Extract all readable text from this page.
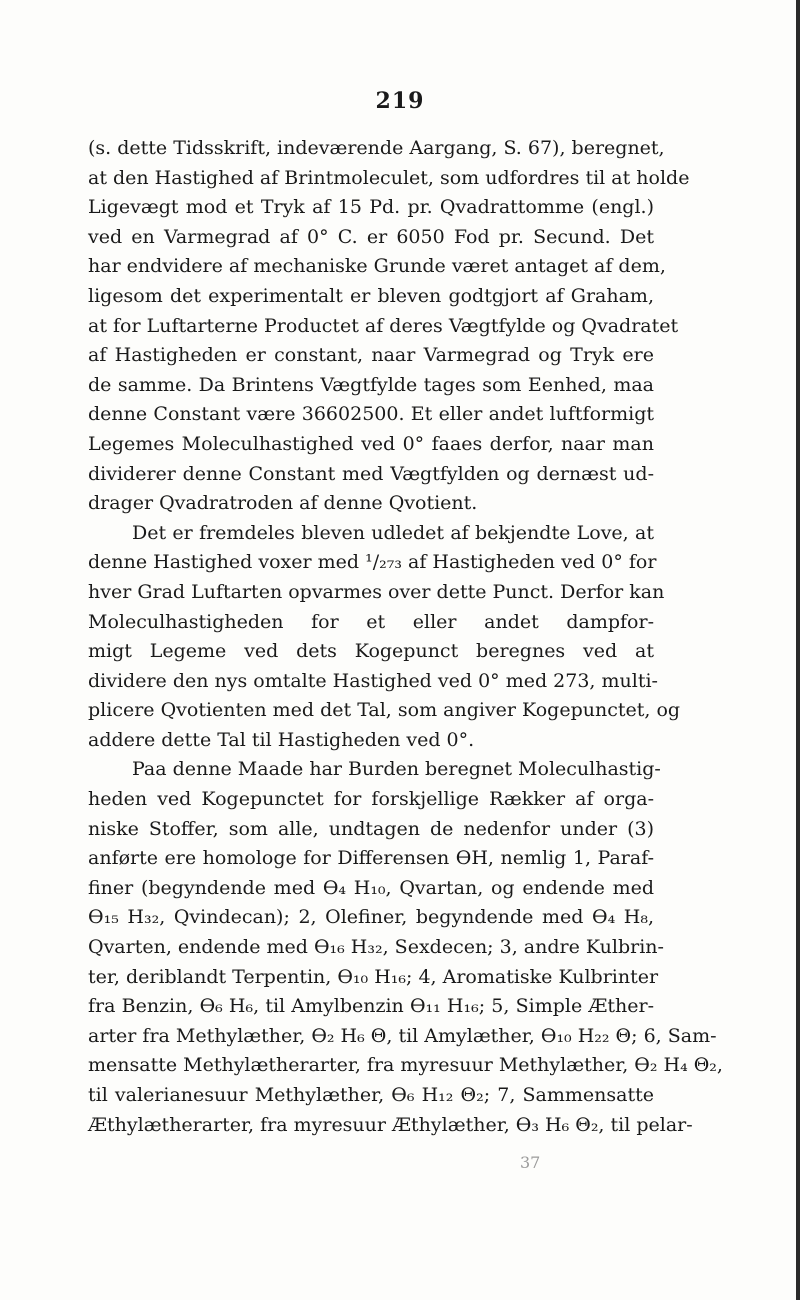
219
(s. dette Tidsskrift, indeværende Aargang, S. 67), beregnet,
at den Hastighed af Brintmoleculet, som udfordres til at holde
Ligevægt mod et Tryk af 15 Pd. pr. Qvadrattomme (engl.)
ved en Varmegrad af 0° C. er 6050 Fod pr. Secund. Det
har endvidere af mechaniske Grunde været antaget af dem,
ligesom det experimentalt er bleven godtgjort af Graham,
at for Luftarterne Productet af deres Vægtfylde og Qvadratet
af Hastigheden er constant, naar Varmegrad og Tryk ere
de samme. Da Brintens Vægtfylde tages som Eenhed, maa
denne Constant være 36602500. Et eller andet luftformigt
Legemes Moleculhastighed ved 0° faaes derfor, naar man
dividerer denne Constant med Vægtfylden og dernæst ud-
drager Qvadratroden af denne Qvotient.
Det er fremdeles bleven udledet af bekjendte Love, at
denne Hastighed voxer med ¹/₂₇₃ af Hastigheden ved 0° for
hver Grad Luftarten opvarmes over dette Punct. Derfor kan
Moleculhastigheden for et eller andet dampfor-
migt Legeme ved dets Kogepunct beregnes ved at
dividere den nys omtalte Hastighed ved 0° med 273, multi-
plicere Qvotienten med det Tal, som angiver Kogepunctet, og
addere dette Tal til Hastigheden ved 0°.
Paa denne Maade har Burden beregnet Moleculhastig-
heden ved Kogepunctet for forskjellige Rækker af orga-
niske Stoffer, som alle, undtagen de nedenfor under (3)
anførte ere homologe for Differensen ƟH, nemlig 1, Paraf-
finer (begyndende med Ɵ₄ H₁₀, Qvartan, og endende med
Ɵ₁₅ H₃₂, Qvindecan); 2, Olefiner, begyndende med Ɵ₄ H₈,
Qvarten, endende med Ɵ₁₆ H₃₂, Sexdecen; 3, andre Kulbrin-
ter, deriblandt Terpentin, Ɵ₁₀ H₁₆; 4, Aromatiske Kulbrinter
fra Benzin, Ɵ₆ H₆, til Amylbenzin Ɵ₁₁ H₁₆; 5, Simple Æther-
arter fra Methylæther, Ɵ₂ H₆ Θ, til Amylæther, Ɵ₁₀ H₂₂ Θ; 6, Sam-
mensatte Methylætherarter, fra myresuur Methylæther, Ɵ₂ H₄ Θ₂,
til valerianesuur Methylæther, Ɵ₆ H₁₂ Θ₂; 7, Sammensatte
Æthylætherarter, fra myresuur Æthylæther, Ɵ₃ H₆ Θ₂, til pelar-
37
